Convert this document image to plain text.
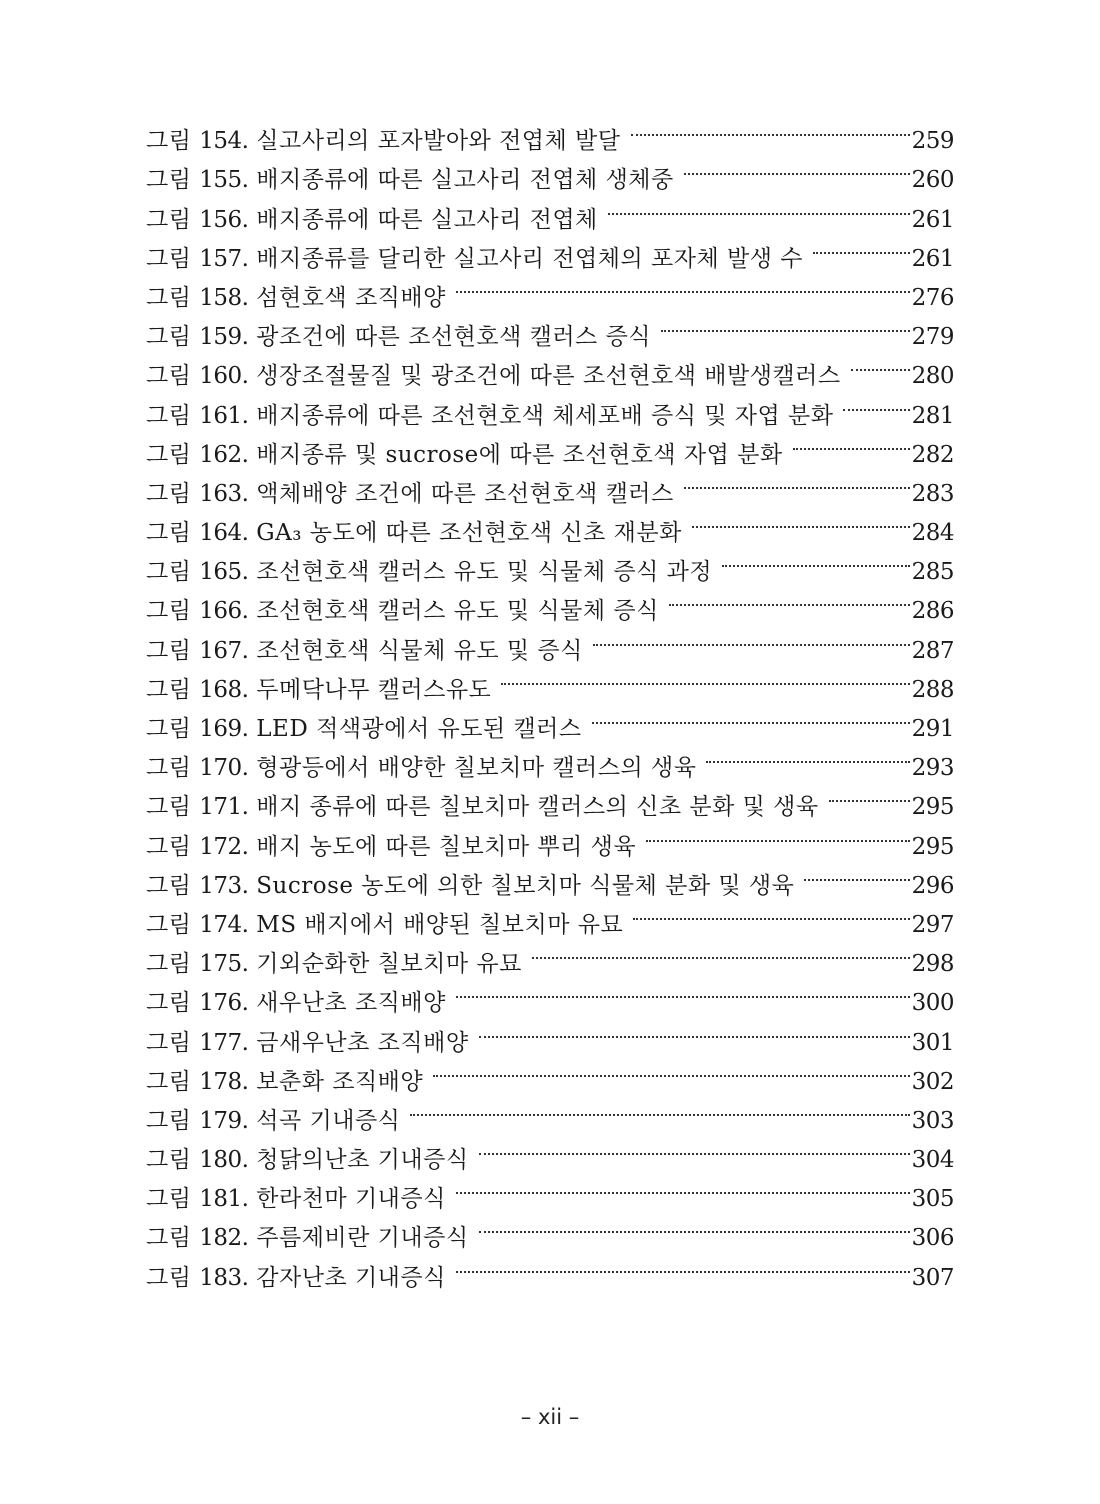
그림 154. 실고사리의 포자발아와 전엽체 발달	259
그림 155. 배지종류에 따른 실고사리 전엽체 생체중	260
그림 156. 배지종류에 따른 실고사리 전엽체	261
그림 157. 배지종류를 달리한 실고사리 전엽체의 포자체 발생 수	261
그림 158. 섬현호색 조직배양	276
그림 159. 광조건에 따른 조선현호색 캘러스 증식	279
그림 160. 생장조절물질 및 광조건에 따른 조선현호색 배발생캘러스	280
그림 161. 배지종류에 따른 조선현호색 체세포배 증식 및 자엽 분화	281
그림 162. 배지종류 및 sucrose에 따른 조선현호색 자엽 분화	282
그림 163. 액체배양 조건에 따른 조선현호색 캘러스	283
그림 164. GA₃ 농도에 따른 조선현호색 신초 재분화	284
그림 165. 조선현호색 캘러스 유도 및 식물체 증식 과정	285
그림 166. 조선현호색 캘러스 유도 및 식물체 증식	286
그림 167. 조선현호색 식물체 유도 및 증식	287
그림 168. 두메닥나무 캘러스유도	288
그림 169. LED 적색광에서 유도된 캘러스	291
그림 170. 형광등에서 배양한 칠보치마 캘러스의 생육	293
그림 171. 배지 종류에 따른 칠보치마 캘러스의 신초 분화 및 생육	295
그림 172. 배지 농도에 따른 칠보치마 뿌리 생육	295
그림 173. Sucrose 농도에 의한 칠보치마 식물체 분화 및 생육	296
그림 174. MS 배지에서 배양된 칠보치마 유묘	297
그림 175. 기외순화한 칠보치마 유묘	298
그림 176. 새우난초 조직배양	300
그림 177. 금새우난초 조직배양	301
그림 178. 보춘화 조직배양	302
그림 179. 석곡 기내증식	303
그림 180. 청닭의난초 기내증식	304
그림 181. 한라천마 기내증식	305
그림 182. 주름제비란 기내증식	306
그림 183. 감자난초 기내증식	307
– xii –
